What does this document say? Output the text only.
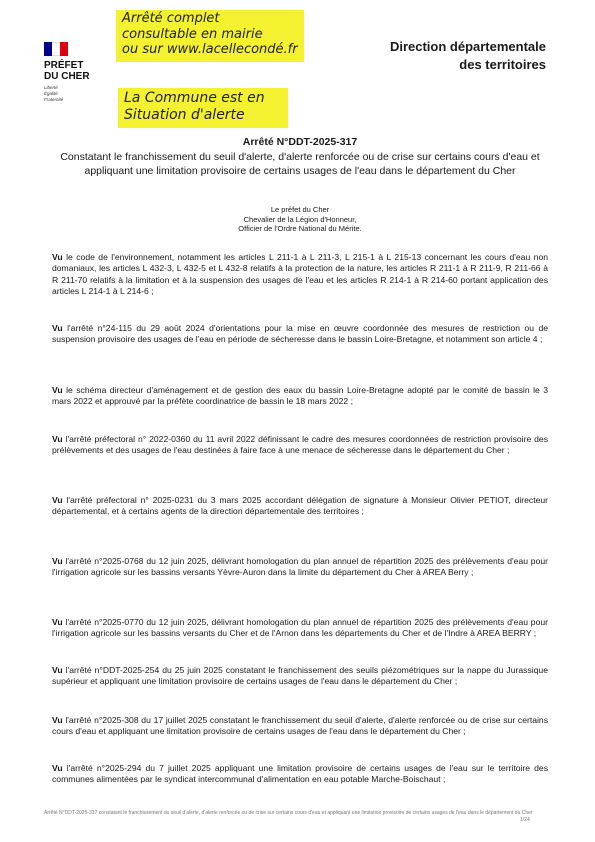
PRÉFET
DU CHER
Liberté
Égalité
Fraternité
Arrêté complet
consultable en mairie
ou sur www.lacellecondé.fr
La Commune est en
Situation d'alerte
Direction départementale
des territoires
Arrêté N°DDT-2025-317
Constatant le franchissement du seuil d'alerte, d'alerte renforcée ou de crise sur certains cours d'eau et appliquant une limitation provisoire de certains usages de l'eau dans le département du Cher
Le préfet du Cher
Chevalier de la Légion d'Honneur,
Officier de l'Ordre National du Mérite.
Vu le code de l'environnement, notamment les articles L 211-1 à L 211-3, L 215-1 à L 215-13 concernant les cours d'eau non domaniaux, les articles L 432-3, L 432-5 et L 432-8 relatifs à la protection de la nature, les articles R 211-1 à R 211-9, R 211-66 à R 211-70 relatifs à la limitation et à la suspension des usages de l'eau et les articles R 214-1 à R 214-60 portant application des articles L 214-1 à L 214-6 ;
Vu l'arrêté n°24-115 du 29 août 2024 d'orientations pour la mise en œuvre coordonnée des mesures de restriction ou de suspension provisoire des usages de l'eau en période de sécheresse dans le bassin Loire-Bretagne, et notamment son article 4 ;
Vu le schéma directeur d'aménagement et de gestion des eaux du bassin Loire-Bretagne adopté par le comité de bassin le 3 mars 2022 et approuvé par la préfète coordinatrice de bassin le 18 mars 2022 ;
Vu l'arrêté préfectoral n° 2022-0360 du 11 avril 2022 définissant le cadre des mesures coordonnées de restriction provisoire des prélèvements et des usages de l'eau destinées à faire face à une menace de sécheresse dans le département du Cher ;
Vu l'arrêté préfectoral n° 2025-0231 du 3 mars 2025 accordant délégation de signature à Monsieur Olivier PETIOT, directeur départemental, et à certains agents de la direction départementale des territoires ;
Vu l'arrêté n°2025-0768 du 12 juin 2025, délivrant homologation du plan annuel de répartition 2025 des prélèvements d'eau pour l'irrigation agricole sur les bassins versants Yèvre-Auron dans la limite du département du Cher à AREA Berry ;
Vu l'arrêté n°2025-0770 du 12 juin 2025, délivrant homologation du plan annuel de répartition 2025 des prélèvements d'eau pour l'irrigation agricole sur les bassins versants du Cher et de l'Arnon dans les départements du Cher et de l'Indre à AREA BERRY ;
Vu l'arrêté n°DDT-2025-254 du 25 juin 2025 constatant le franchissement des seuils piézométriques sur la nappe du Jurassique supérieur et appliquant une limitation provisoire de certains usages de l'eau dans le département du Cher ;
Vu l'arrêté n°2025-308 du 17 juillet 2025 constatant le franchissement du seuil d'alerte, d'alerte renforcée ou de crise sur certains cours d'eau et appliquant une limitation provisoire de certains usages de l'eau dans le département du Cher ;
Vu l'arrêté n°2025-294 du 7 juillet 2025 appliquant une limitation provisoire de certains usages de l'eau sur le territoire des communes alimentées par le syndicat intercommunal d'alimentation en eau potable Marche-Boischaut ;
Arrêté N°DDT-2025-317 constatant le franchissement du seuil d'alerte, d'alerte renforcée ou de crise sur certains cours d'eau et appliquant une limitation provisoire de certains usages de l'eau dans le département du Cher
1/24
